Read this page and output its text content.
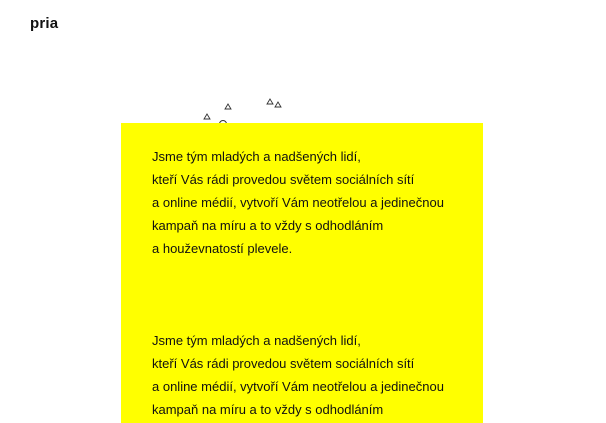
pria

Jsme tým mladých a nadšených lidí,
kteří Vás rádi provedou světem sociálních sítí
a online médií, vytvoří Vám neotřelou a jedinečnou
kampaň na míru a to vždy s odhodláním
a houževnatostí plevele.

Jsme tým mladých a nadšených lidí,
kteří Vás rádi provedou světem sociálních sítí
a online médií, vytvoří Vám neotřelou a jedinečnou
kampaň na míru a to vždy s odhodláním
